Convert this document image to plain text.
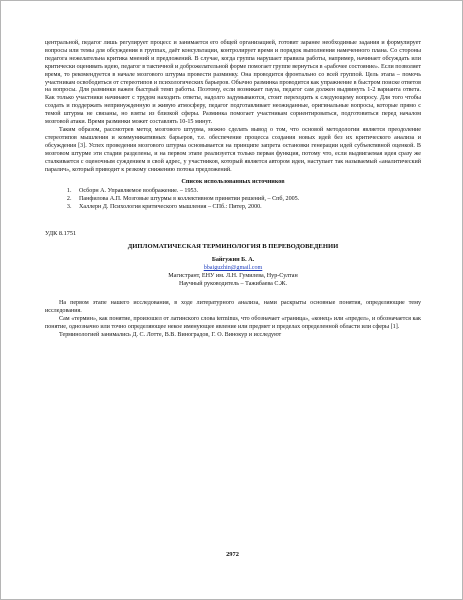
центральной, педагог лишь регулирует процесс и занимается его общей организацией, готовит заранее необходимые задания и формулирует вопросы или темы для обсуждения в группах, даёт консультации, контролирует время и порядок выполнения намеченного плана. Со стороны педагога нежелательна критика мнений и предложений. В случае, когда группа нарушает правила работы, например, начинает обсуждать или критически оценивать идею, педагог в тактичной и доброжелательной форме помогает группе вернуться в «рабочее состояние». Если позволяет время, то рекомендуется в начале мозгового штурма провести разминку. Она проводится фронтально со всей группой. Цель этапа – помочь участникам освободиться от стереотипов и психологических барьеров. Обычно разминка проводится как упражнение в быстром поиске ответов на вопросы. Для разминки важен быстрый темп работы. Поэтому, если возникает пауза, педагог сам должен выдвинуть 1-2 варианта ответа. Как только участники начинают с трудом находить ответы, надолго задумываются, стоит переходить к следующему вопросу. Для того чтобы создать и поддержать непринужденную и живую атмосферу, педагог подготавливает неожиданные, оригинальные вопросы, которые прямо с темой штурма не связаны, но взяты из близкой сферы. Разминка помогает участникам сориентироваться, подготовиться перед началом мозговой атаки. Время разминки может составлять 10-15 минут.

Таким образом, рассмотрев метод мозгового штурма, можно сделать вывод о том, что основой методологии является преодоление стереотипов мышления и коммуникативных барьеров, т.е. обеспечение процесса создания новых идей без их критического анализа и обсуждения [3]. Успех проведения мозгового штурма основывается на принципе запрета остановки генерации идей субъективной оценкой. В мозговом штурме эти стадии разделены, и на первом этапе реализуется только первая функция, потому что, если выдвигаемая идея сразу же сталкивается с оценочным суждением в свой адрес, у участников, который является автором идеи, наступает так называемый «аналитический паралич», который приводит к резкому снижению потока предложений.

Список использованных источников
1. Осборн А. Управляемое воображение. – 1953.
2. Панфилова А.П. Мозговые штурмы в коллективном принятии решений, – Спб, 2005.
3. Халлерн Д. Психология критического мышления – СПб.: Питер, 2000.
УДК 8.1751
ДИПЛОМАТИЧЕСКАЯ ТЕРМИНОЛОГИЯ В ПЕРЕВОДОВЕДЕНИИ
Байгужин Б. А.
bbaiguzhin@gmail.com
Магистрант, ЕНУ им. Л.Н. Гумилева, Нур-Султан
Научный руководитель – Тажибаева С.Ж.

На первом этапе нашего исследования, в ходе литературного анализа, нами раскрыты основные понятия, определяющие тему исследования.

Сам «термин», как понятие, произошел от латинского слова terminus, что обозначает «граница», «конец» или «предел», и обозначается как понятие, однозначно или точно определяющее некое именующее явление или предмет и пределах определенной области или сферы [1].

Терминологией занимались Д. С. Лотте, В.В. Виноградов, Г. О. Винокур и исследуют

2972
